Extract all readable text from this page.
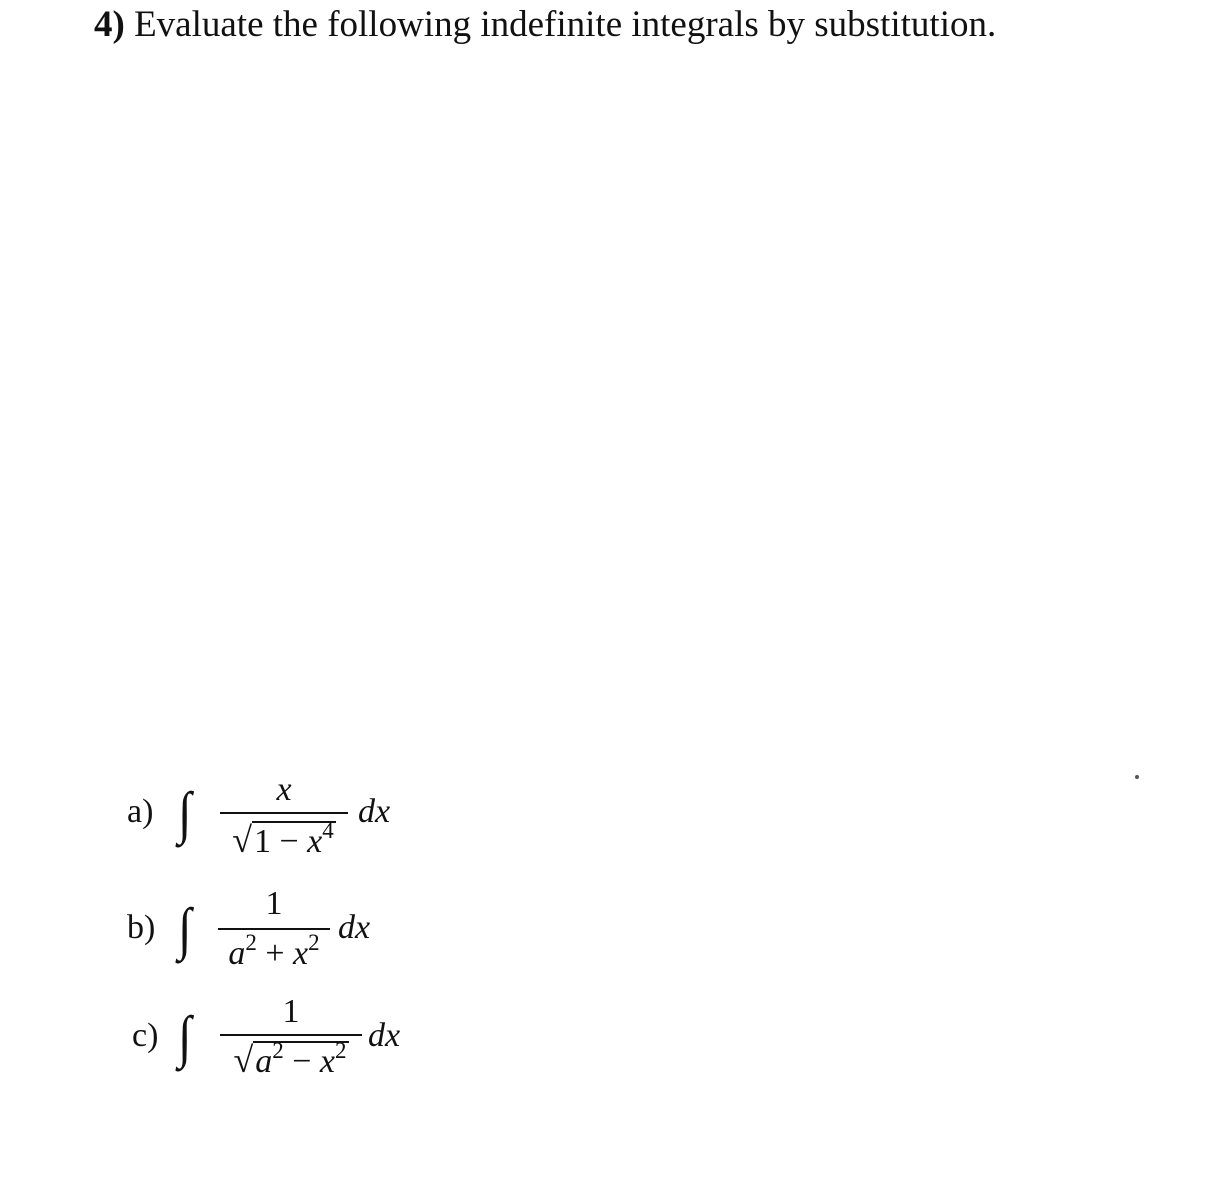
4) Evaluate the following indefinite integrals by substitution.
a) ∫	x
$√1 - x^4$
dx
b) ∫	1
$a^2 + x^2$ dx
c) ∫	1
$√a^2 - x^2$ dx
